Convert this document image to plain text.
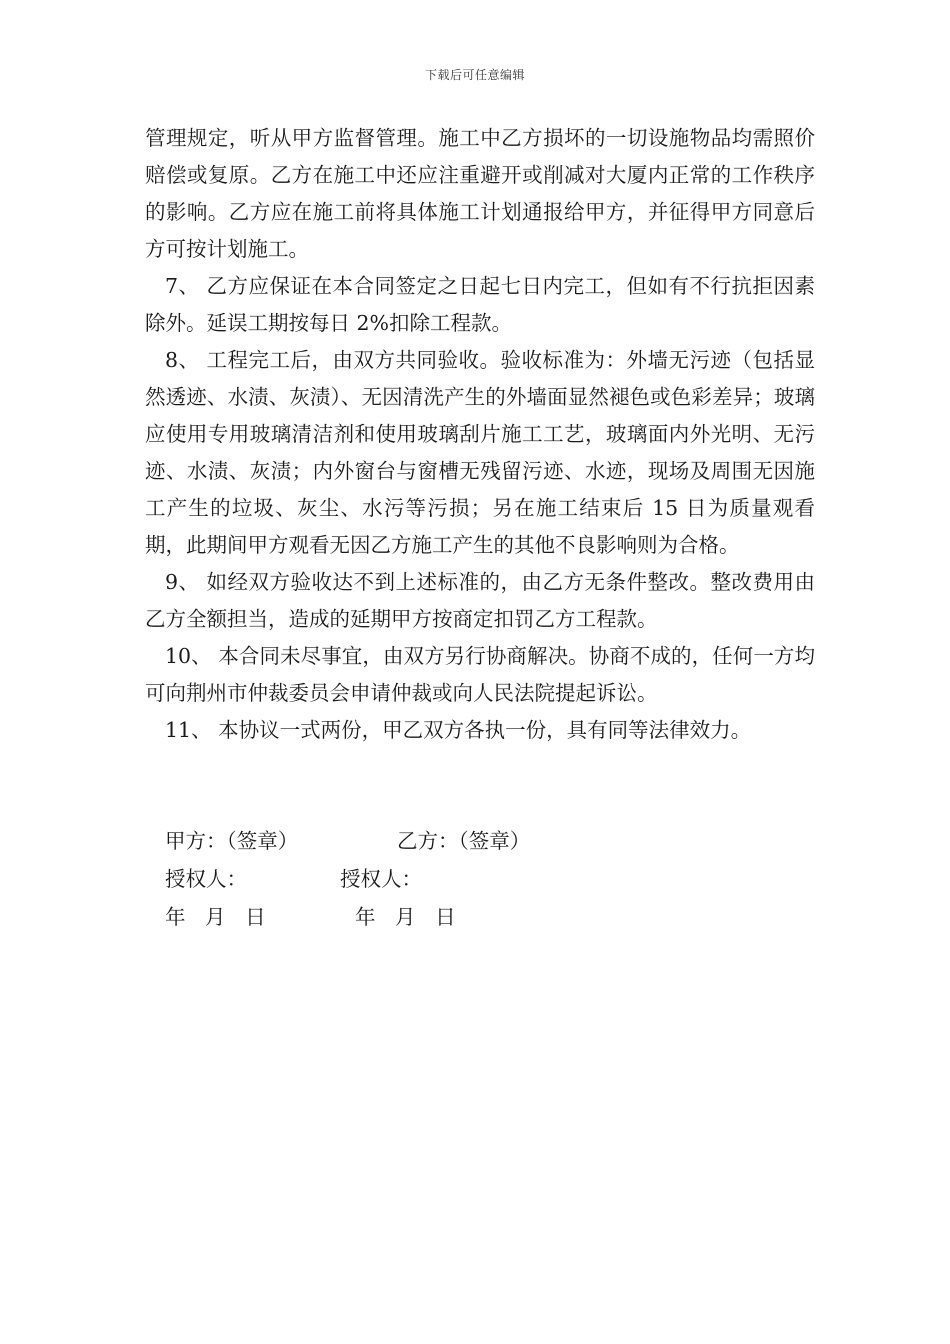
下载后可任意编辑

管理规定，听从甲方监督管理。施工中乙方损坏的一切设施物品均需照价赔偿或复原。乙方在施工中还应注重避开或削减对大厦内正常的工作秩序的影响。乙方应在施工前将具体施工计划通报给甲方，并征得甲方同意后方可按计划施工。

7、 乙方应保证在本合同签定之日起七日内完工，但如有不行抗拒因素除外。延误工期按每日 2%扣除工程款。

8、 工程完工后，由双方共同验收。验收标准为：外墙无污迹（包括显然透迹、水渍、灰渍）、无因清洗产生的外墙面显然褪色或色彩差异；玻璃应使用专用玻璃清洁剂和使用玻璃刮片施工工艺，玻璃面内外光明、无污迹、水渍、灰渍；内外窗台与窗槽无残留污迹、水迹，现场及周围无因施工产生的垃圾、灰尘、水污等污损；另在施工结束后 15 日为质量观看期，此期间甲方观看无因乙方施工产生的其他不良影响则为合格。

9、 如经双方验收达不到上述标准的，由乙方无条件整改。整改费用由乙方全额担当，造成的延期甲方按商定扣罚乙方工程款。

10、 本合同未尽事宜，由双方另行协商解决。协商不成的，任何一方均可向荆州市仲裁委员会申请仲裁或向人民法院提起诉讼。

11、 本协议一式两份，甲乙双方各执一份，具有同等法律效力。

甲方：（签章）	乙方：（签章）
授权人：	授权人：
年   月   日	年   月   日
